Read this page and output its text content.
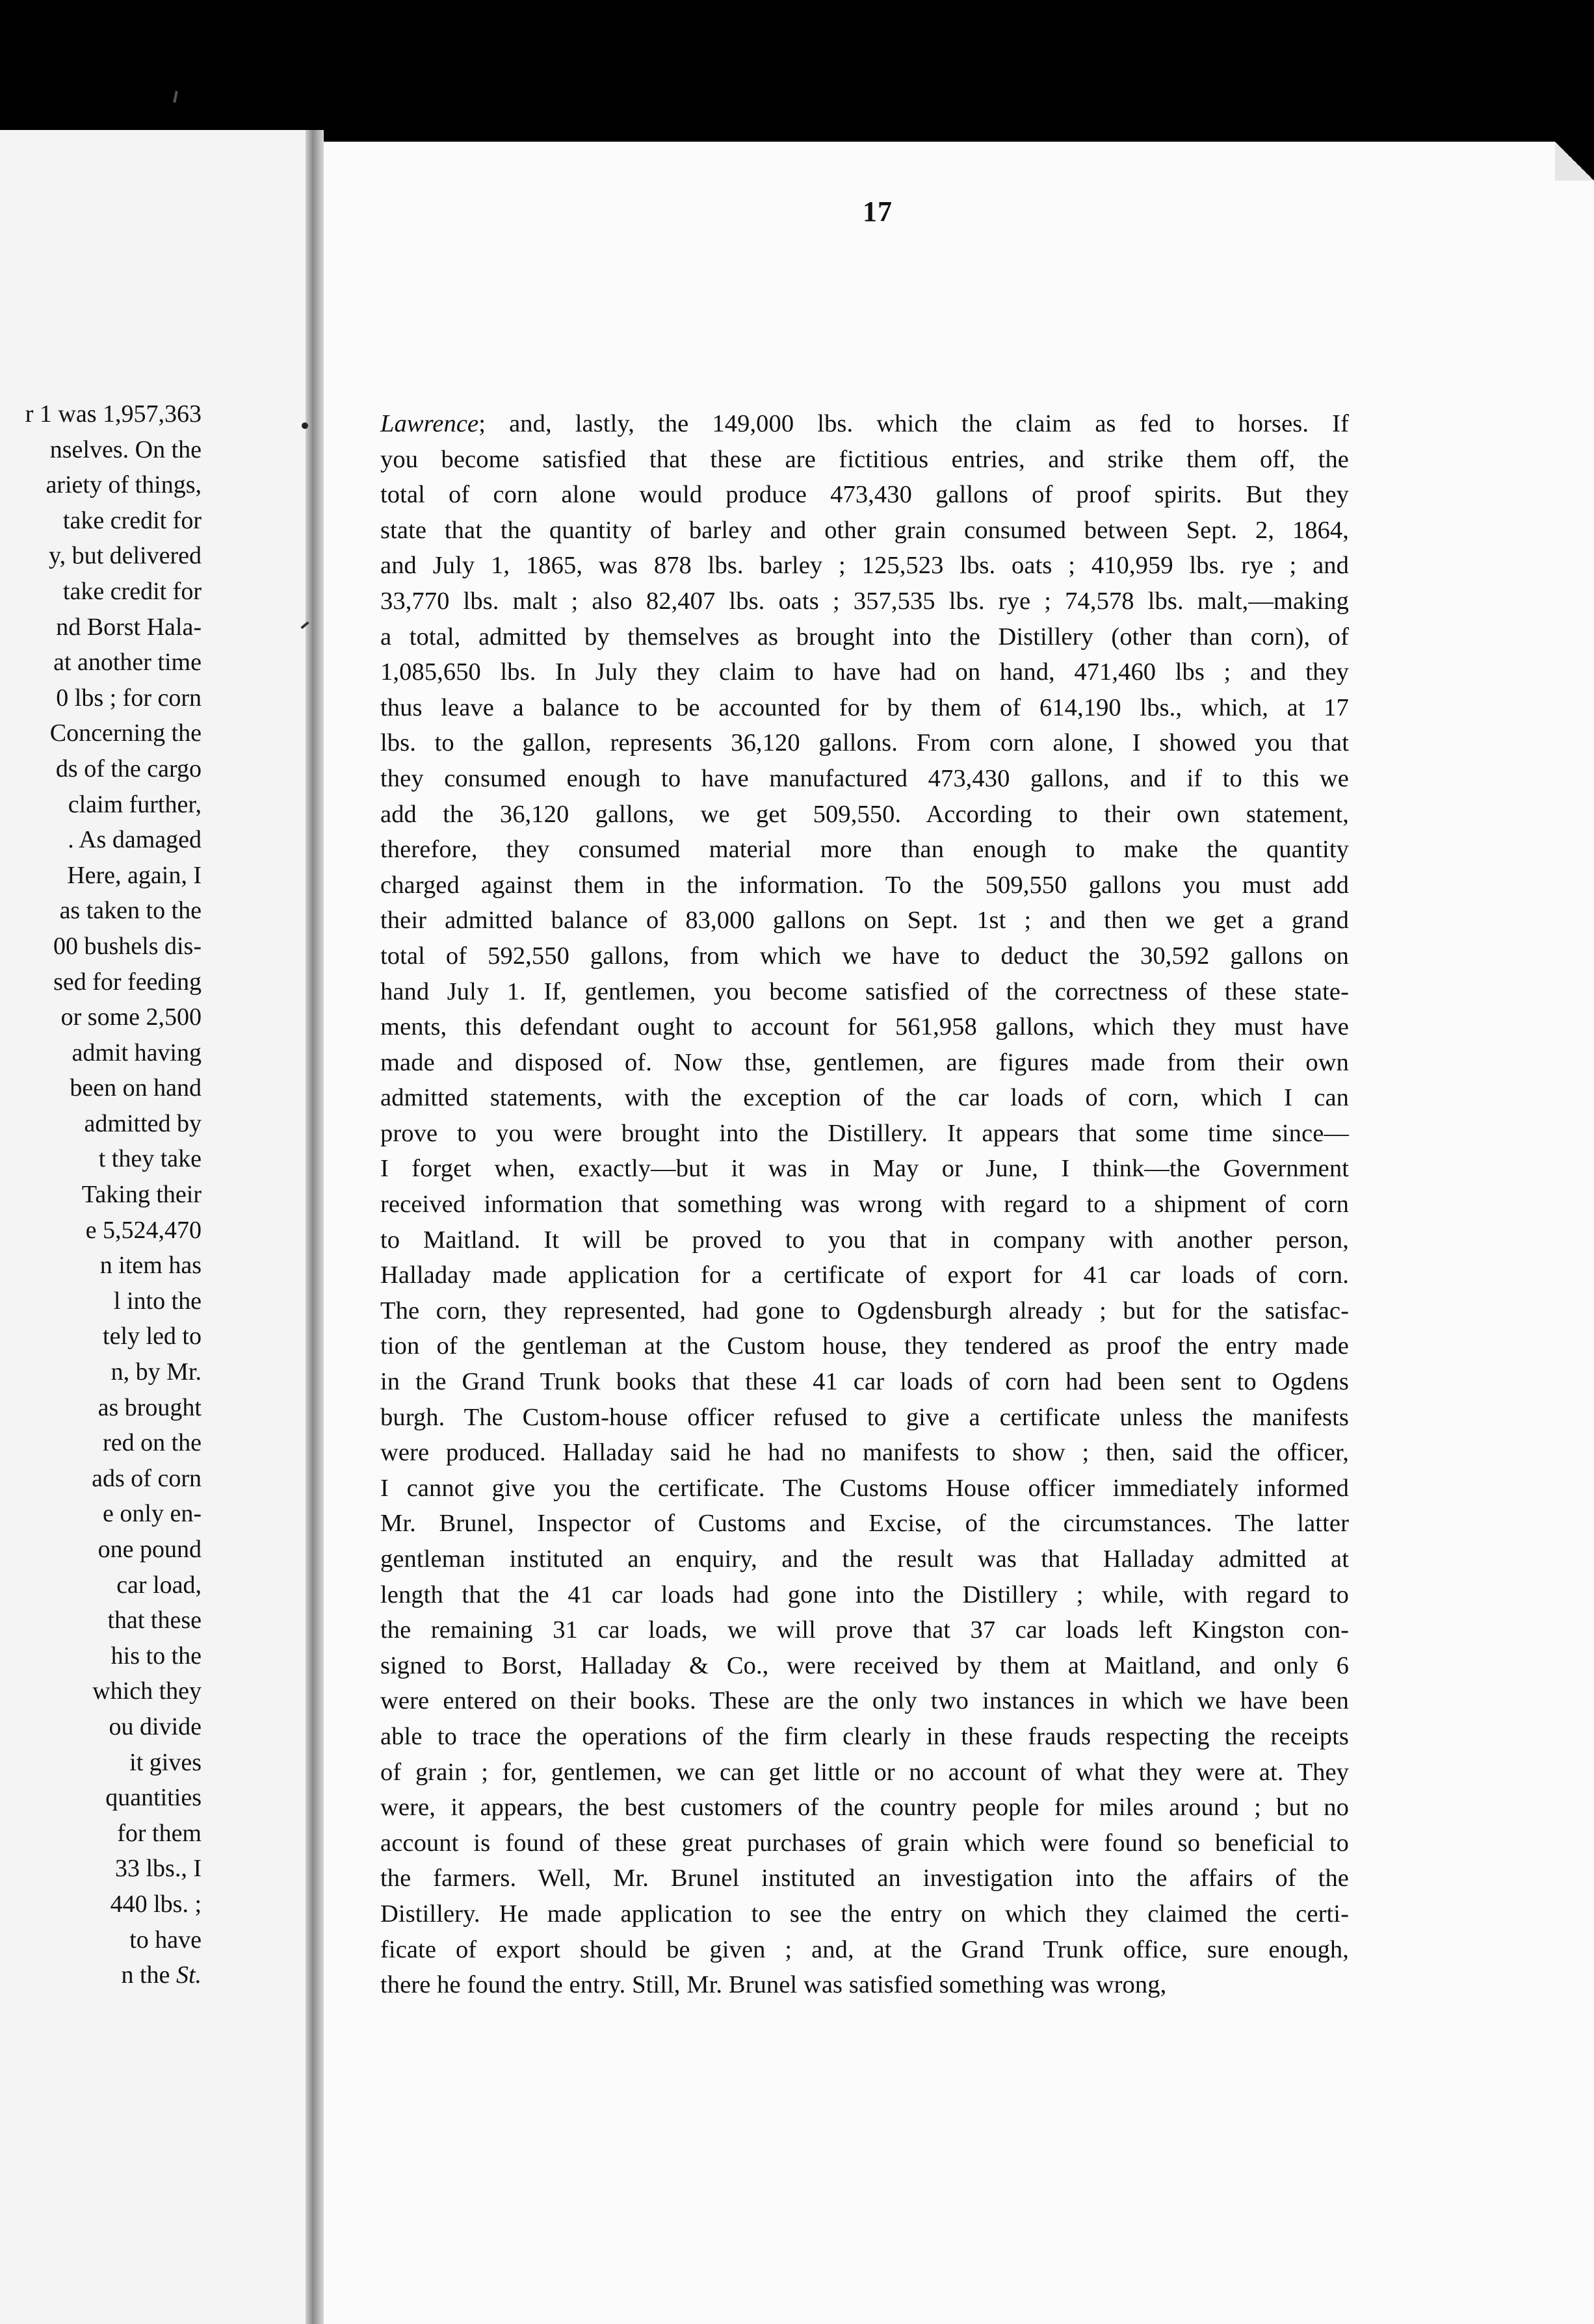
r 1 was 1,957,363
nselves. On the
ariety of things,
take credit for
y, but delivered
take credit for
nd Borst Hala-
at another time
0 lbs ; for corn
Concerning the
ds of the cargo
claim further,
. As damaged
Here, again, I
as taken to the
00 bushels dis-
sed for feeding
or some 2,500
admit having
been on hand
admitted by
t they take
Taking their
e 5,524,470
n item has
l into the
tely led to
n, by Mr.
as brought
red on the
ads of corn
e only en-
one pound
car load,
that these
his to the
which they
ou divide
it gives
quantities
for them
33 lbs., I
440 lbs. ;
to have
n the St.
17
Lawrence; and, lastly, the 149,000 lbs. which the claim as fed to horses. If
you become satisfied that these are fictitious entries, and strike them off, the
total of corn alone would produce 473,430 gallons of proof spirits. But they
state that the quantity of barley and other grain consumed between Sept. 2, 1864,
and July 1, 1865, was 878 lbs. barley ; 125,523 lbs. oats ; 410,959 lbs. rye ; and
33,770 lbs. malt ; also 82,407 lbs. oats ; 357,535 lbs. rye ; 74,578 lbs. malt,—making
a total, admitted by themselves as brought into the Distillery (other than corn), of
1,085,650 lbs. In July they claim to have had on hand, 471,460 lbs ; and they
thus leave a balance to be accounted for by them of 614,190 lbs., which, at 17
lbs. to the gallon, represents 36,120 gallons. From corn alone, I showed you that
they consumed enough to have manufactured 473,430 gallons, and if to this we
add the 36,120 gallons, we get 509,550. According to their own statement,
therefore, they consumed material more than enough to make the quantity
charged against them in the information. To the 509,550 gallons you must add
their admitted balance of 83,000 gallons on Sept. 1st ; and then we get a grand
total of 592,550 gallons, from which we have to deduct the 30,592 gallons on
hand July 1. If, gentlemen, you become satisfied of the correctness of these state-
ments, this defendant ought to account for 561,958 gallons, which they must have
made and disposed of. Now thse, gentlemen, are figures made from their own
admitted statements, with the exception of the car loads of corn, which I can
prove to you were brought into the Distillery. It appears that some time since—
I forget when, exactly—but it was in May or June, I think—the Government
received information that something was wrong with regard to a shipment of corn
to Maitland. It will be proved to you that in company with another person,
Halladay made application for a certificate of export for 41 car loads of corn.
The corn, they represented, had gone to Ogdensburgh already ; but for the satisfac-
tion of the gentleman at the Custom house, they tendered as proof the entry made
in the Grand Trunk books that these 41 car loads of corn had been sent to Ogdens
burgh. The Custom-house officer refused to give a certificate unless the manifests
were produced. Halladay said he had no manifests to show ; then, said the officer,
I cannot give you the certificate. The Customs House officer immediately informed
Mr. Brunel, Inspector of Customs and Excise, of the circumstances. The latter
gentleman instituted an enquiry, and the result was that Halladay admitted at
length that the 41 car loads had gone into the Distillery ; while, with regard to
the remaining 31 car loads, we will prove that 37 car loads left Kingston con-
signed to Borst, Halladay & Co., were received by them at Maitland, and only 6
were entered on their books. These are the only two instances in which we have been
able to trace the operations of the firm clearly in these frauds respecting the receipts
of grain ; for, gentlemen, we can get little or no account of what they were at. They
were, it appears, the best customers of the country people for miles around ; but no
account is found of these great purchases of grain which were found so beneficial to
the farmers. Well, Mr. Brunel instituted an investigation into the affairs of the
Distillery. He made application to see the entry on which they claimed the certi-
ficate of export should be given ; and, at the Grand Trunk office, sure enough,
there he found the entry. Still, Mr. Brunel was satisfied something was wrong,
